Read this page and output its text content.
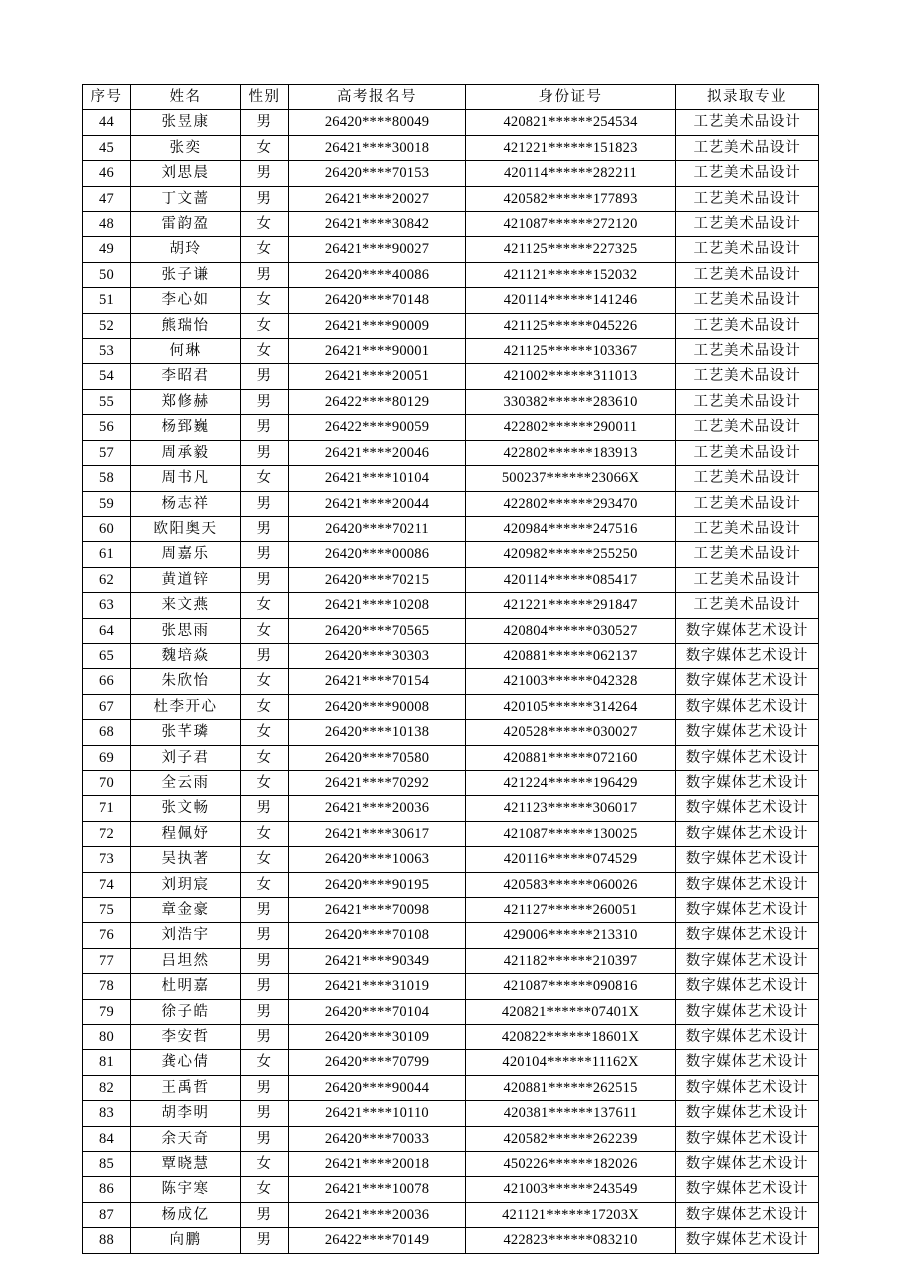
序号	姓名	性别	高考报名号	身份证号	拟录取专业
44	张昱康	男	26420****80049	420821******254534	工艺美术品设计
45	张奕	女	26421****30018	421221******151823	工艺美术品设计
46	刘思晨	男	26420****70153	420114******282211	工艺美术品设计
47	丁文蔷	男	26421****20027	420582******177893	工艺美术品设计
48	雷韵盈	女	26421****30842	421087******272120	工艺美术品设计
49	胡玲	女	26421****90027	421125******227325	工艺美术品设计
50	张子谦	男	26420****40086	421121******152032	工艺美术品设计
51	李心如	女	26420****70148	420114******141246	工艺美术品设计
52	熊瑞怡	女	26421****90009	421125******045226	工艺美术品设计
53	何琳	女	26421****90001	421125******103367	工艺美术品设计
54	李昭君	男	26421****20051	421002******311013	工艺美术品设计
55	郑修赫	男	26422****80129	330382******283610	工艺美术品设计
56	杨郅巍	男	26422****90059	422802******290011	工艺美术品设计
57	周承毅	男	26421****20046	422802******183913	工艺美术品设计
58	周书凡	女	26421****10104	500237******23066X	工艺美术品设计
59	杨志祥	男	26421****20044	422802******293470	工艺美术品设计
60	欧阳奥天	男	26420****70211	420984******247516	工艺美术品设计
61	周嘉乐	男	26420****00086	420982******255250	工艺美术品设计
62	黄道锌	男	26420****70215	420114******085417	工艺美术品设计
63	来文燕	女	26421****10208	421221******291847	工艺美术品设计
64	张思雨	女	26420****70565	420804******030527	数字媒体艺术设计
65	魏培焱	男	26420****30303	420881******062137	数字媒体艺术设计
66	朱欣怡	女	26421****70154	421003******042328	数字媒体艺术设计
67	杜李开心	女	26420****90008	420105******314264	数字媒体艺术设计
68	张芊璘	女	26420****10138	420528******030027	数字媒体艺术设计
69	刘子君	女	26420****70580	420881******072160	数字媒体艺术设计
70	全云雨	女	26421****70292	421224******196429	数字媒体艺术设计
71	张文畅	男	26421****20036	421123******306017	数字媒体艺术设计
72	程佩妤	女	26421****30617	421087******130025	数字媒体艺术设计
73	吴执著	女	26420****10063	420116******074529	数字媒体艺术设计
74	刘玥宸	女	26420****90195	420583******060026	数字媒体艺术设计
75	章金豪	男	26421****70098	421127******260051	数字媒体艺术设计
76	刘浩宇	男	26420****70108	429006******213310	数字媒体艺术设计
77	吕坦然	男	26421****90349	421182******210397	数字媒体艺术设计
78	杜明嘉	男	26421****31019	421087******090816	数字媒体艺术设计
79	徐子皓	男	26420****70104	420821******07401X	数字媒体艺术设计
80	李安哲	男	26420****30109	420822******18601X	数字媒体艺术设计
81	龚心倩	女	26420****70799	420104******11162X	数字媒体艺术设计
82	王禹哲	男	26420****90044	420881******262515	数字媒体艺术设计
83	胡李明	男	26421****10110	420381******137611	数字媒体艺术设计
84	余天奇	男	26420****70033	420582******262239	数字媒体艺术设计
85	覃晓慧	女	26421****20018	450226******182026	数字媒体艺术设计
86	陈宇寒	女	26421****10078	421003******243549	数字媒体艺术设计
87	杨成亿	男	26421****20036	421121******17203X	数字媒体艺术设计
88	向鹏	男	26422****70149	422823******083210	数字媒体艺术设计
